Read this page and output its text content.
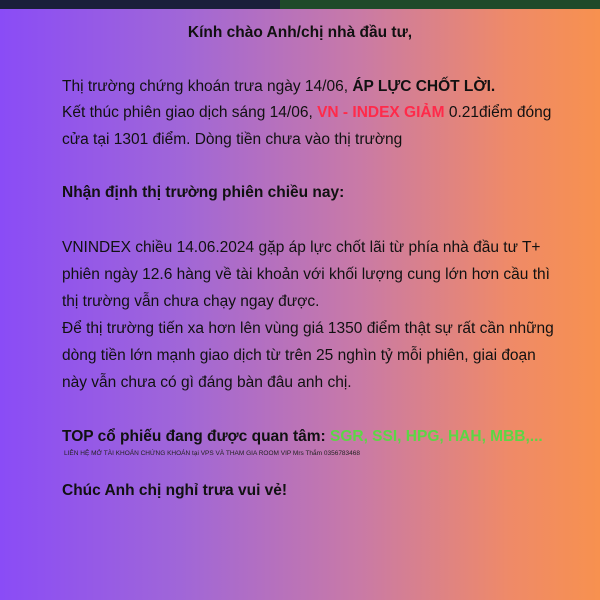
Kính chào Anh/chị nhà đầu tư,
Thị trường chứng khoán trưa ngày 14/06, ÁP LỰC CHỐT LỜI.
Kết thúc phiên giao dịch sáng 14/06, VN - INDEX GIẢM 0.21điểm đóng
cửa tại 1301 điểm. Dòng tiền chưa vào thị trường
Nhận định thị trường phiên chiều nay:
VNINDEX chiều 14.06.2024 gặp áp lực chốt lãi từ phía nhà đầu tư T+
phiên ngày 12.6 hàng về tài khoản với khối lượng cung lớn hơn cầu thì
thị trường vẫn chưa chạy ngay được.
Để thị trường tiến xa hơn lên vùng giá 1350 điểm thật sự rất cần những
dòng tiền lớn mạnh giao dịch từ trên 25 nghìn tỷ mỗi phiên, giai đoạn
này vẫn chưa có gì đáng bàn đâu anh chị.
TOP cổ phiếu đang được quan tâm: SGR, SSI, HPG, HAH, MBB,...
LIÊN HỆ MỞ TÀI KHOẢN CHỨNG KHOÁN tại VPS VÀ THAM GIA ROOM VIP Mrs Thắm 0356783468
Chúc Anh chị nghỉ trưa vui vẻ!
